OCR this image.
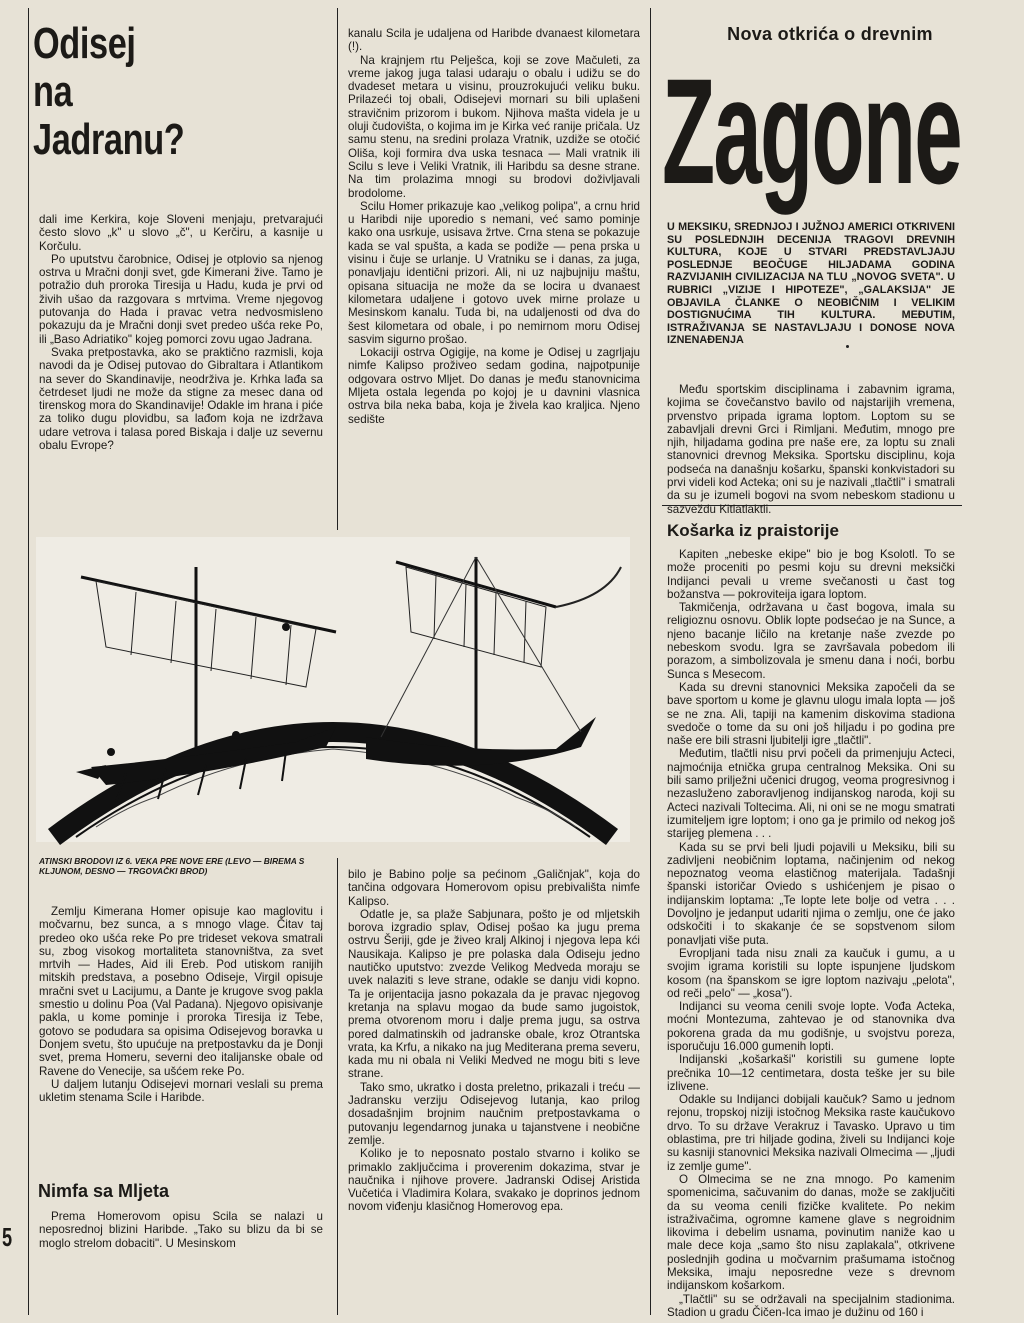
Odisej
na
Jadranu?

dali ime Kerkira, koje Sloveni menjaju, pretvarajući često slovo „k" u slovo „č", u Kerčiru, a kasnije u Korčulu.

Po uputstvu čarobnice, Odisej je otplovio sa njenog ostrva u Mračni donji svet, gde Kimerani žive. Tamo je potražio duh proroka Tiresija u Hadu, kuda je prvi od živih ušao da razgovara s mrtvima. Vreme njegovog putovanja do Hada i pravac vetra nedvosmisleno pokazuju da je Mračni donji svet predeo ušća reke Po, ili „Baso Adriatiko" kojeg pomorci zovu ugao Jadrana.

Svaka pretpostavka, ako se praktično razmisli, koja navodi da je Odisej putovao do Gibraltara i Atlantikom na sever do Skandinavije, neodrživa je. Krhka lađa sa četrdeset ljudi ne može da stigne za mesec dana od tirenskog mora do Skandinavije! Odakle im hrana i piće za toliko dugu plovidbu, sa lađom koja ne izdržava udare vetrova i talasa pored Biskaja i dalje uz severnu obalu Evrope?

kanalu Scila je udaljena od Haribde dvanaest kilometara (!).

Na krajnjem rtu Pelješca, koji se zove Mačuleti, za vreme jakog juga talasi udaraju o obalu i udižu se do dvadeset metara u visinu, prouzrokujući veliku buku. Prilazeći toj obali, Odisejevi mornari su bili uplašeni stravičnim prizorom i bukom. Njihova mašta videla je u oluji čudovišta, o kojima im je Kirka već ranije pričala. Uz samu stenu, na sredini prolaza Vratnik, uzdiže se otočić Oliša, koji formira dva uska tesnaca — Mali vratnik ili Scilu s leve i Veliki Vratnik, ili Haribdu sa desne strane. Na tim prolazima mnogi su brodovi doživljavali brodolome.

Scilu Homer prikazuje kao „velikog polipa", a crnu hrid u Haribdi nije uporedio s nemani, već samo pominje kako ona usrkuje, usisava žrtve. Crna stena se pokazuje kada se val spušta, a kada se podiže — pena prska u visinu i čuje se urlanje. U Vratniku se i danas, za juga, ponavljaju identični prizori. Ali, ni uz najbujniju maštu, opisana situacija ne može da se locira u dvanaest kilometara udaljene i gotovo uvek mirne prolaze u Mesinskom kanalu. Tuda bi, na udaljenosti od dva do šest kilometara od obale, i po nemirnom moru Odisej sasvim sigurno prošao.

Lokaciji ostrva Ogigije, na kome je Odisej u zagrljaju nimfe Kalipso proživeo sedam godina, najpotpunije odgovara ostrvo Mljet. Do danas je među stanovnicima Mljeta ostala legenda po kojoj je u davnini vlasnica ostrva bila neka baba, koja je živela kao kraljica. Njeno sedište

ATINSKI BRODOVI IZ 6. VEKA PRE NOVE ERE (LEVO — BIREMA S KLJUNOM, DESNO — TRGOVAČKI BROD)

Zemlju Kimerana Homer opisuje kao maglovitu i močvarnu, bez sunca, a s mnogo vlage. Čitav taj predeo oko ušća reke Po pre trideset vekova smatrali su, zbog visokog mortaliteta stanovništva, za svet mrtvih — Hades, Aid ili Ereb. Pod utiskom ranijih mitskih predstava, a posebno Odiseje, Virgil opisuje mračni svet u Lacijumu, a Dante je krugove svog pakla smestio u dolinu Poa (Val Padana). Njegovo opisivanje pakla, u kome pominje i proroka Tiresija iz Tebe, gotovo se podudara sa opisima Odisejevog boravka u Donjem svetu, što upućuje na pretpostavku da je Donji svet, prema Homeru, severni deo italijanske obale od Ravene do Venecije, sa ušćem reke Po.

U daljem lutanju Odisejevi mornari veslali su prema ukletim stenama Scile i Haribde.

Nimfa sa Mljeta

Prema Homerovom opisu Scila se nalazi u neposrednoj blizini Haribde. „Tako su blizu da bi se moglo strelom dobaciti". U Mesinskom

bilo je Babino polje sa pećinom „Galičnjak", koja do tančina odgovara Homerovom opisu prebivališta nimfe Kalipso.

Odatle je, sa plaže Sabjunara, pošto je od mljetskih borova izgradio splav, Odisej pošao ka jugu prema ostrvu Šeriji, gde je živeo kralj Alkinoj i njegova lepa kći Nausikaja. Kalipso je pre polaska dala Odiseju jedno nautičko uputstvo: zvezde Velikog Medveda moraju se uvek nalaziti s leve strane, odakle se danju vidi kopno. Ta je orijentacija jasno pokazala da je pravac njegovog kretanja na splavu mogao da bude samo jugoistok, prema otvorenom moru i dalje prema jugu, sa ostrva pored dalmatinskih od jadranske obale, kroz Otrantska vrata, ka Krfu, a nikako na jug Mediterana prema severu, kada mu ni obala ni Veliki Medved ne mogu biti s leve strane.

Tako smo, ukratko i dosta preletno, prikazali i treću — Jadransku verziju Odisejevog lutanja, kao prilog dosadašnjim brojnim naučnim pretpostavkama o putovanju legendarnog junaka u tajanstvene i neobične zemlje.

Koliko je to neposnato postalo stvarno i koliko se primaklo zaključcima i proverenim dokazima, stvar je naučnika i njihove provere. Jadranski Odisej Aristida Vučetića i Vladimira Kolara, svakako je doprinos jednom novom viđenju klasičnog Homerovog epa.

5
Nova otkrića o drevnim
Zagone
U MEKSIKU, SREDNJOJ I JUŽNOJ AMERICI OTKRIVENI SU POSLEDNJIH DECENIJA TRAGOVI DREVNIH KULTURA, KOJE U STVARI PREDSTAVLJAJU POSLEDNJE BEOČUGE HILJADAMA GODINA RAZVIJANIH CIVILIZACIJA NA TLU „NOVOG SVETA". U RUBRICI „VIZIJE I HIPOTEZE", „GALAKSIJA" JE OBJAVILA ČLANKE O NEOBIČNIM I VELIKIM DOSTIGNUĆIMA TIH KULTURA. MEĐUTIM, ISTRAŽIVANJA SE NASTAVLJAJU I DONOSE NOVA IZNENAĐENJA

Među sportskim disciplinama i zabavnim igrama, kojima se čovečanstvo bavilo od najstarijih vremena, prvenstvo pripada igrama loptom. Loptom su se zabavljali drevni Grci i Rimljani. Međutim, mnogo pre njih, hiljadama godina pre naše ere, za loptu su znali stanovnici drevnog Meksika. Sportsku disciplinu, koja podseća na današnju košarku, španski konkvistadori su prvi videli kod Acteka; oni su je nazivali „tlačtli" i smatrali da su je izumeli bogovi na svom nebeskom stadionu u sazveždu Kitlatlaktli.

Košarka iz praistorije

Kapiten „nebeske ekipe" bio je bog Ksolotl. To se može proceniti po pesmi koju su drevni meksički Indijanci pevali u vreme svečanosti u čast tog božanstva — pokroviteija igara loptom.

Takmičenja, održavana u čast bogova, imala su religioznu osnovu. Oblik lopte podsećao je na Sunce, a njeno bacanje ličilo na kretanje naše zvezde po nebeskom svodu. Igra se završavala pobedom ili porazom, a simbolizovala je smenu dana i noći, borbu Sunca s Mesecom.

Kada su drevni stanovnici Meksika započeli da se bave sportom u kome je glavnu ulogu imala lopta — još se ne zna. Ali, tapiji na kamenim diskovima stadiona svedoče o tome da su oni još hiljadu i po godina pre naše ere bili strasni ljubitelji igre „tlačtli".

Međutim, tlačtli nisu prvi počeli da primenjuju Acteci, najmoćnija etnička grupa centralnog Meksika. Oni su bili samo prilježni učenici drugog, veoma progresivnog i nezasluženo zaboravljenog indijanskog naroda, koji su Acteci nazivali Toltecima. Ali, ni oni se ne mogu smatrati izumiteljem igre loptom; i ono ga je primilo od nekog još starijeg plemena . . .

Kada su se prvi beli ljudi pojavili u Meksiku, bili su zadivljeni neobičnim loptama, načinjenim od nekog nepoznatog veoma elastičnog materijala. Tadašnji španski istoričar Oviedo s ushićenjem je pisao o indijanskim loptama: „Te lopte lete bolje od vetra . . . Dovoljno je jedanput udariti njima o zemlju, one će jako odskočiti i to skakanje će se sopstvenom silom ponavljati više puta.

Evropljani tada nisu znali za kaučuk i gumu, a u svojim igrama koristili su lopte ispunjene ljudskom kosom (na španskom se igre loptom nazivaju „pelota", od reči „pelo" — „kosa").

Indijanci su veoma cenili svoje lopte. Vođa Acteka, moćni Montezuma, zahtevao je od stanovnika dva pokorena grada da mu godišnje, u svojstvu poreza, isporučuju 16.000 gumenih lopti.

Indijanski „košarkaši" koristili su gumene lopte prečnika 10—12 centimetara, dosta teške jer su bile izlivene.

Odakle su Indijanci dobijali kaučuk? Samo u jednom rejonu, tropskoj niziji istočnog Meksika raste kaučukovo drvo. To su države Verakruz i Tavasko. Upravo u tim oblastima, pre tri hiljade godina, živeli su Indijanci koje su kasniji stanovnici Meksika nazivali Olmecima — „ljudi iz zemlje gume".

O Olmecima se ne zna mnogo. Po kamenim spomenicima, sačuvanim do danas, može se zaključiti da su veoma cenili fizičke kvalitete. Po nekim istraživačima, ogromne kamene glave s negroidnim likovima i debelim usnama, povinutim naniže kao u male dece koja „samo što nisu zaplakala", otkrivene poslednjih godina u močvarnim prašumama istočnog Meksika, imaju neposredne veze s drevnom indijanskom košarkom.

„Tlačtli" su se održavali na specijalnim stadionima. Stadion u gradu Čičen-Ica imao je dužinu od 160 i
